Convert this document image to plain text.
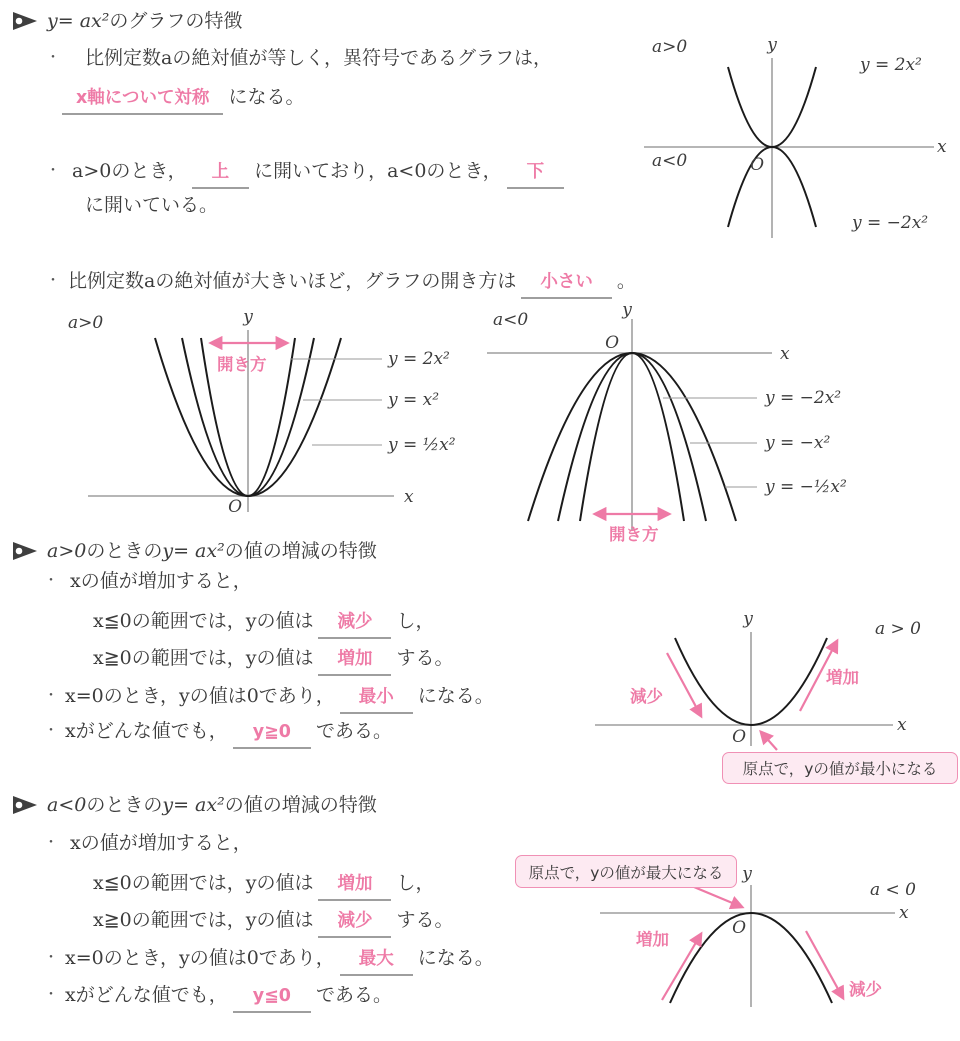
y= ax²のグラフの特徴
・ 比例定数aの絶対値が等しく，異符号であるグラフは，
x軸について対称 になる。
・ a>0のとき， 上 に開いており，a<0のとき， 下
に開いている。
・ 比例定数aの絶対値が大きいほど，グラフの開き方は 小さい 。
a>0
a<0
y
x
O
y = 2x²
y = −2x²
開き方
a>0	y
x
O
y = 2x²
y = x²
y = ½x²
開き方
a<0	y
x
O
y = −2x²
y = −x²
y = −½x²
a>0のときのy= ax²の値の増減の特徴
・ xの値が増加すると，
x≦0の範囲では，yの値は 減少 し，
x≧0の範囲では，yの値は 増加 する。
・ x=0のとき，yの値は0であり， 最小 になる。
・ xがどんな値でも， y≧0 である。
減少
増加
a > 0
y
x
O
原点で，yの値が最小になる
a<0のときのy= ax²の値の増減の特徴
・ xの値が増加すると，
x≦0の範囲では，yの値は 増加 し，
x≧0の範囲では，yの値は 減少 する。
・ x=0のとき，yの値は0であり， 最大 になる。
・ xがどんな値でも， y≦0 である。
増加
減少
a < 0
y
x
O
原点で，yの値が最大になる
